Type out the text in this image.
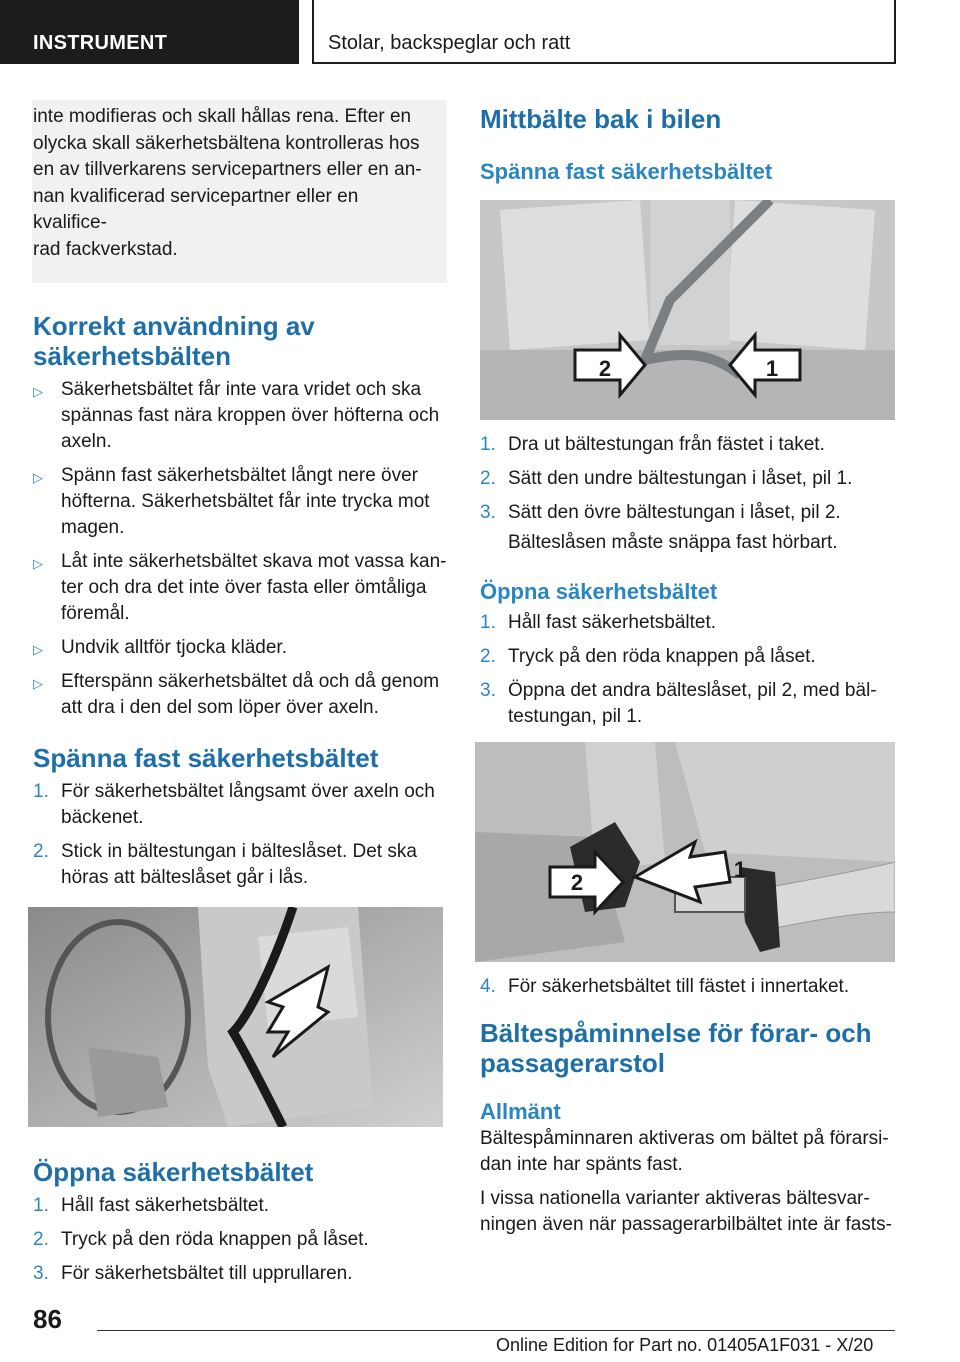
INSTRUMENT	Stolar, backspeglar och ratt
inte modifieras och skall hållas rena. Efter en
olycka skall säkerhetsbältena kontrolleras hos
en av tillverkarens servicepartners eller en an-
nan kvalificerad servicepartner eller en kvalifice-
rad fackverkstad.
Korrekt användning av
säkerhetsbälten
▷ Säkerhetsbältet får inte vara vridet och ska
spännas fast nära kroppen över höfterna och
axeln.
▷ Spänn fast säkerhetsbältet långt nere över
höfterna. Säkerhetsbältet får inte trycka mot
magen.
▷ Låt inte säkerhetsbältet skava mot vassa kan-
ter och dra det inte över fasta eller ömtåliga
föremål.
▷ Undvik alltför tjocka kläder.
▷ Efterspänn säkerhetsbältet då och då genom
att dra i den del som löper över axeln.
Spänna fast säkerhetsbältet
1. För säkerhetsbältet långsamt över axeln och
bäckenet.
2. Stick in bältestungan i bälteslåset. Det ska
höras att bälteslåset går i lås.
Öppna säkerhetsbältet
1. Håll fast säkerhetsbältet.
2. Tryck på den röda knappen på låset.
3. För säkerhetsbältet till upprullaren.
Mittbälte bak i bilen
Spänna fast säkerhetsbältet
2	1
1. Dra ut bältestungan från fästet i taket.
2. Sätt den undre bältestungan i låset, pil 1.
3. Sätt den övre bältestungan i låset, pil 2.

Bälteslåsen måste snäppa fast hörbart.

Öppna säkerhetsbältet
1. Håll fast säkerhetsbältet.
2. Tryck på den röda knappen på låset.
3. Öppna det andra bälteslåset, pil 2, med bäl-
testungan, pil 1.
2
1
4. För säkerhetsbältet till fästet i innertaket.
Bältespåminnelse för förar- och
passagerarstol
Allmänt

Bältespåminnaren aktiveras om bältet på förarsi-
dan inte har spänts fast.

I vissa nationella varianter aktiveras bältesvar-
ningen även när passagerarbilbältet inte är fasts-

86
Online Edition for Part no. 01405A1F031 - X/20
